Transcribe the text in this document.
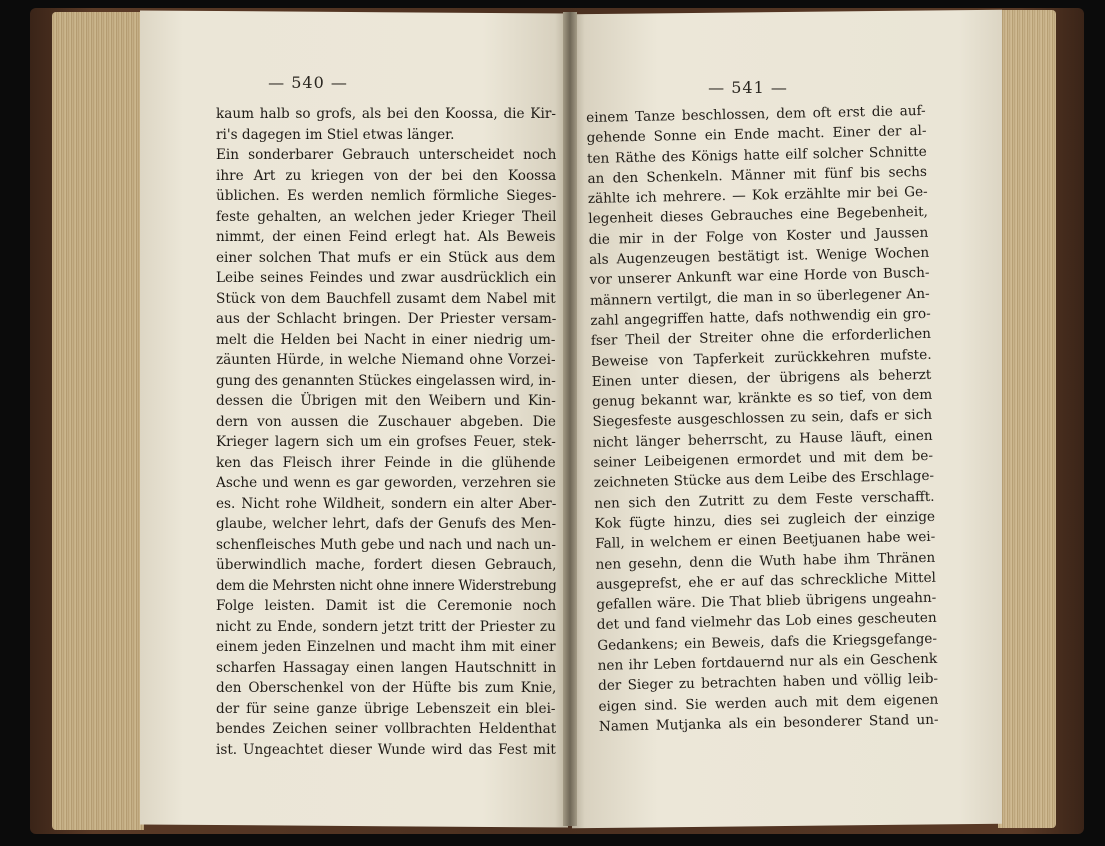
— 540 —	— 541 —
kaum halb so grofs, als bei den Koossa, die Kir-
ri's dagegen im Stiel etwas länger.
Ein sonderbarer Gebrauch unterscheidet noch
ihre Art zu kriegen von der bei den Koossa
üblichen. Es werden nemlich förmliche Sieges-
feste gehalten, an welchen jeder Krieger Theil
nimmt, der einen Feind erlegt hat. Als Beweis
einer solchen That mufs er ein Stück aus dem
Leibe seines Feindes und zwar ausdrücklich ein
Stück von dem Bauchfell zusamt dem Nabel mit
aus der Schlacht bringen. Der Priester versam-
melt die Helden bei Nacht in einer niedrig um-
zäunten Hürde, in welche Niemand ohne Vorzei-
gung des genannten Stückes eingelassen wird, in-
dessen die Übrigen mit den Weibern und Kin-
dern von aussen die Zuschauer abgeben. Die
Krieger lagern sich um ein grofses Feuer, stek-
ken das Fleisch ihrer Feinde in die glühende
Asche und wenn es gar geworden, verzehren sie
es. Nicht rohe Wildheit, sondern ein alter Aber-
glaube, welcher lehrt, dafs der Genufs des Men-
schenfleisches Muth gebe und nach und nach un-
überwindlich mache, fordert diesen Gebrauch,
dem die Mehrsten nicht ohne innere Widerstrebung
Folge leisten. Damit ist die Ceremonie noch
nicht zu Ende, sondern jetzt tritt der Priester zu
einem jeden Einzelnen und macht ihm mit einer
scharfen Hassagay einen langen Hautschnitt in
den Oberschenkel von der Hüfte bis zum Knie,
der für seine ganze übrige Lebenszeit ein blei-
bendes Zeichen seiner vollbrachten Heldenthat
ist. Ungeachtet dieser Wunde wird das Fest mit
einem Tanze beschlossen, dem oft erst die auf-
gehende Sonne ein Ende macht. Einer der al-
ten Räthe des Königs hatte eilf solcher Schnitte
an den Schenkeln. Männer mit fünf bis sechs
zählte ich mehrere. — Kok erzählte mir bei Ge-
legenheit dieses Gebrauches eine Begebenheit,
die mir in der Folge von Koster und Jaussen
als Augenzeugen bestätigt ist. Wenige Wochen
vor unserer Ankunft war eine Horde von Busch-
männern vertilgt, die man in so überlegener An-
zahl angegriffen hatte, dafs nothwendig ein gro-
fser Theil der Streiter ohne die erforderlichen
Beweise von Tapferkeit zurückkehren mufste.
Einen unter diesen, der übrigens als beherzt
genug bekannt war, kränkte es so tief, von dem
Siegesfeste ausgeschlossen zu sein, dafs er sich
nicht länger beherrscht, zu Hause läuft, einen
seiner Leibeigenen ermordet und mit dem be-
zeichneten Stücke aus dem Leibe des Erschlage-
nen sich den Zutritt zu dem Feste verschafft.
Kok fügte hinzu, dies sei zugleich der einzige
Fall, in welchem er einen Beetjuanen habe wei-
nen gesehn, denn die Wuth habe ihm Thränen
ausgeprefst, ehe er auf das schreckliche Mittel
gefallen wäre. Die That blieb übrigens ungeahn-
det und fand vielmehr das Lob eines gescheuten
Gedankens; ein Beweis, dafs die Kriegsgefange-
nen ihr Leben fortdauernd nur als ein Geschenk
der Sieger zu betrachten haben und völlig leib-
eigen sind. Sie werden auch mit dem eigenen
Namen Mutjanka als ein besonderer Stand un-
